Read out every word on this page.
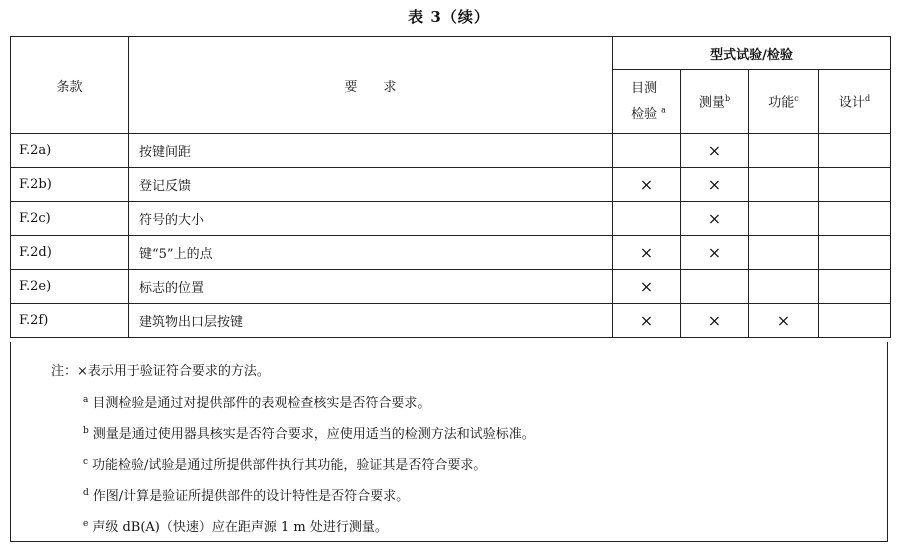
表 3（续）
条款	要　　求	型式试验/检验			
		目测检验 $^a$	测量$^b$	功能$^c$	设计$^d$
F.2a)	按键间距		×		
F.2b)	登记反馈	×	×		
F.2c)	符号的大小		×		
F.2d)	键“5”上的点	×	×		
F.2e)	标志的位置	×			
F.2f)	建筑物出口层按键	×	×	×	
注：×表示用于验证符合要求的方法。
$^a$ 目测检验是通过对提供部件的表观检查核实是否符合要求。
$^b$ 测量是通过使用器具核实是否符合要求，应使用适当的检测方法和试验标准。
$^c$ 功能检验/试验是通过所提供部件执行其功能，验证其是否符合要求。
$^d$ 作图/计算是验证所提供部件的设计特性是否符合要求。
$^e$ 声级 dB(A)（快速）应在距声源 1 m 处进行测量。
